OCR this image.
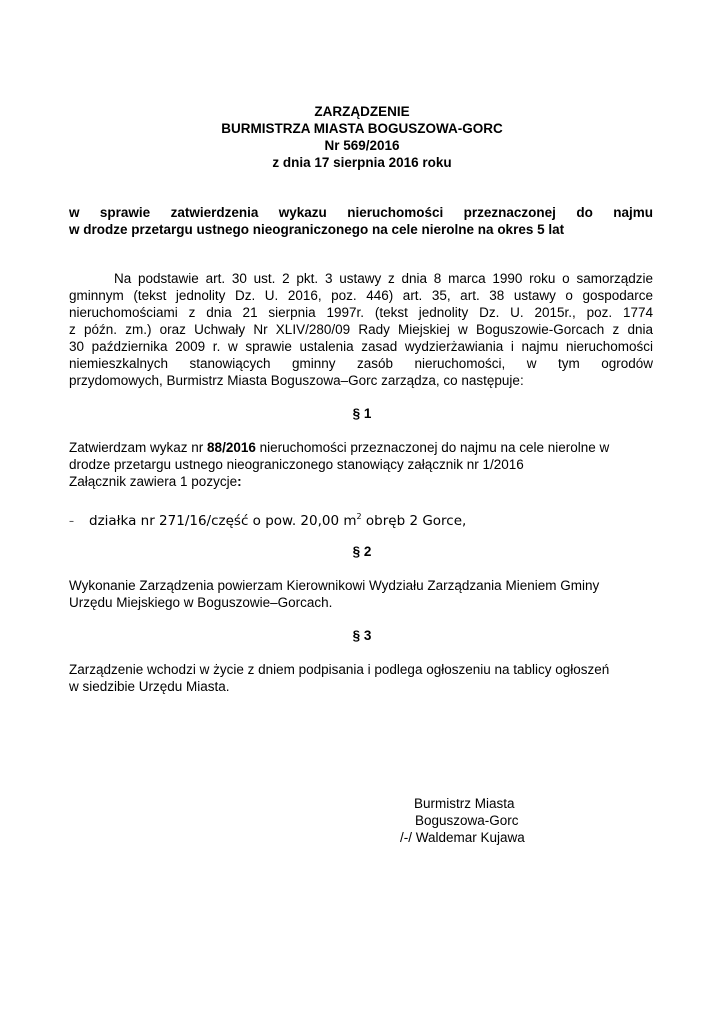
ZARZĄDZENIE
BURMISTRZA MIASTA BOGUSZOWA-GORC
Nr 569/2016
z dnia 17 sierpnia 2016 roku
w sprawie zatwierdzenia wykazu nieruchomości przeznaczonej do najmu
w drodze przetargu ustnego nieograniczonego na cele nierolne na okres 5 lat
Na podstawie art. 30 ust. 2 pkt. 3 ustawy z dnia 8 marca 1990 roku o samorządzie
gminnym (tekst jednolity Dz. U. 2016, poz. 446) art. 35, art. 38 ustawy o gospodarce
nieruchomościami z dnia 21 sierpnia 1997r. (tekst jednolity Dz. U. 2015r., poz. 1774
z późn. zm.) oraz Uchwały Nr XLIV/280/09 Rady Miejskiej w Boguszowie-Gorcach z dnia
30 października 2009 r. w sprawie ustalenia zasad wydzierżawiania i najmu nieruchomości
niemieszkalnych stanowiących gminny zasób nieruchomości, w tym ogrodów
przydomowych, Burmistrz Miasta Boguszowa–Gorc zarządza, co następuje:
§ 1
Zatwierdzam wykaz nr 88/2016 nieruchomości przeznaczonej do najmu na cele nierolne w
drodze przetargu ustnego nieograniczonego stanowiący załącznik nr 1/2016
Załącznik zawiera 1 pozycje:
– działka nr 271/16/część o pow. 20,00 $m^2$ obręb 2 Gorce,
§ 2
Wykonanie Zarządzenia powierzam Kierownikowi Wydziału Zarządzania Mieniem Gminy
Urzędu Miejskiego w Boguszowie–Gorcach.
§ 3
Zarządzenie wchodzi w życie z dniem podpisania i podlega ogłoszeniu na tablicy ogłoszeń
w siedzibie Urzędu Miasta.
Burmistrz Miasta
Boguszowa-Gorc
/-/ Waldemar Kujawa
